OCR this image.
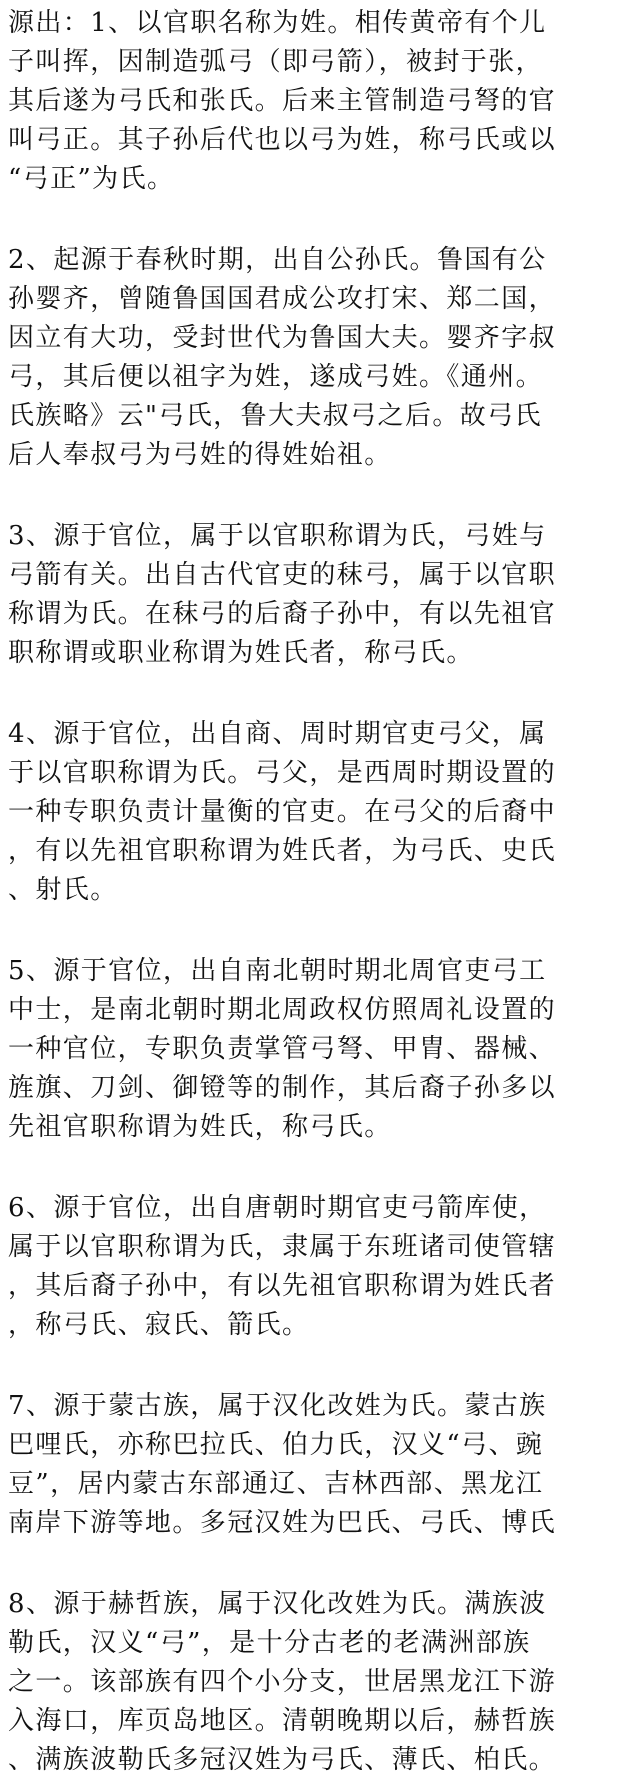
源出：1、以官职名称为姓。相传黄帝有个儿
子叫挥，因制造弧弓（即弓箭），被封于张，
其后遂为弓氏和张氏。后来主管制造弓弩的官
叫弓正。其子孙后代也以弓为姓，称弓氏或以
“弓正”为氏。
2、起源于春秋时期，出自公孙氏。鲁国有公
孙婴齐，曾随鲁国国君成公攻打宋、郑二国，
因立有大功，受封世代为鲁国大夫。婴齐字叔
弓，其后便以祖字为姓，遂成弓姓。《通州。
氏族略》云"弓氏，鲁大夫叔弓之后。故弓氏
后人奉叔弓为弓姓的得姓始祖。
3、源于官位，属于以官职称谓为氏，弓姓与
弓箭有关。出自古代官吏的秣弓，属于以官职
称谓为氏。在秣弓的后裔子孙中，有以先祖官
职称谓或职业称谓为姓氏者，称弓氏。
4、源于官位，出自商、周时期官吏弓父，属
于以官职称谓为氏。弓父，是西周时期设置的
一种专职负责计量衡的官吏。在弓父的后裔中
，有以先祖官职称谓为姓氏者，为弓氏、史氏
、射氏。
5、源于官位，出自南北朝时期北周官吏弓工
中士，是南北朝时期北周政权仿照周礼设置的
一种官位，专职负责掌管弓弩、甲胄、器械、
旌旗、刀剑、御镫等的制作，其后裔子孙多以
先祖官职称谓为姓氏，称弓氏。
6、源于官位，出自唐朝时期官吏弓箭库使，
属于以官职称谓为氏，隶属于东班诸司使管辖
，其后裔子孙中，有以先祖官职称谓为姓氏者
，称弓氏、寂氏、箭氏。
7、源于蒙古族，属于汉化改姓为氏。蒙古族
巴哩氏，亦称巴拉氏、伯力氏，汉义“弓、豌
豆”，居内蒙古东部通辽、吉林西部、黑龙江
南岸下游等地。多冠汉姓为巴氏、弓氏、博氏
8、源于赫哲族，属于汉化改姓为氏。满族波
勒氏，汉义“弓”，是十分古老的老满洲部族
之一。该部族有四个小分支，世居黑龙江下游
入海口，库页岛地区。清朝晚期以后，赫哲族
、满族波勒氏多冠汉姓为弓氏、薄氏、柏氏。
